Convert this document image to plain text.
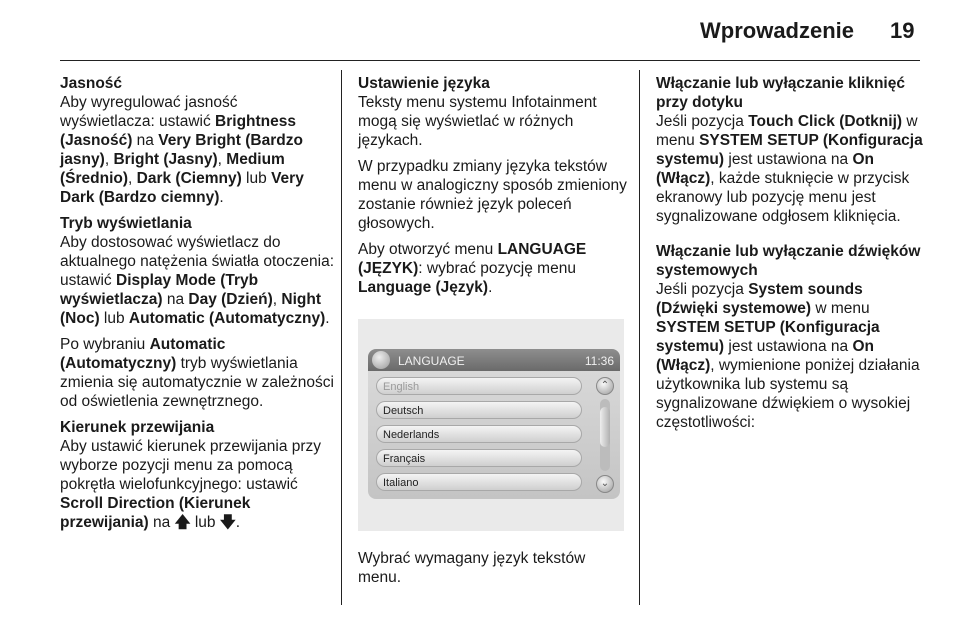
Wprowadzenie 19

Jasność
Aby wyregulować jasność wyświetlacza: ustawić Brightness (Jasność) na Very Bright (Bardzo jasny), Bright (Jasny), Medium (Średnio), Dark (Ciemny) lub Very Dark (Bardzo ciemny).

Tryb wyświetlania
Aby dostosować wyświetlacz do aktualnego natężenia światła otoczenia: ustawić Display Mode (Tryb wyświetlacza) na Day (Dzień), Night (Noc) lub Automatic (Automatyczny).

Po wybraniu Automatic (Automatyczny) tryb wyświetlania zmienia się automatycznie w zależności od oświetlenia zewnętrznego.

Kierunek przewijania
Aby ustawić kierunek przewijania przy wyborze pozycji menu za pomocą pokrętła wielofunkcyjnego: ustawić Scroll Direction (Kierunek przewijania) na 🡅 lub 🡇.

Ustawienie języka
Teksty menu systemu Infotainment mogą się wyświetlać w różnych językach.

W przypadku zmiany języka tekstów menu w analogiczny sposób zmieniony zostanie również język poleceń głosowych.

Aby otworzyć menu LANGUAGE (JĘZYK): wybrać pozycję menu Language (Język).

LANGUAGE	11:36
English
Deutsch
Nederlands
Français
Italiano
⌃
⌄

Wybrać wymagany język tekstów menu.

Włączanie lub wyłączanie kliknięć przy dotyku
Jeśli pozycja Touch Click (Dotknij) w menu SYSTEM SETUP (Konfiguracja systemu) jest ustawiona na On (Włącz), każde stuknięcie w przycisk ekranowy lub pozycję menu jest sygnalizowane odgłosem kliknięcia.

Włączanie lub wyłączanie dźwięków systemowych
Jeśli pozycja System sounds (Dźwięki systemowe) w menu SYSTEM SETUP (Konfiguracja systemu) jest ustawiona na On (Włącz), wymienione poniżej działania użytkownika lub systemu są sygnalizowane dźwiękiem o wysokiej częstotliwości:
